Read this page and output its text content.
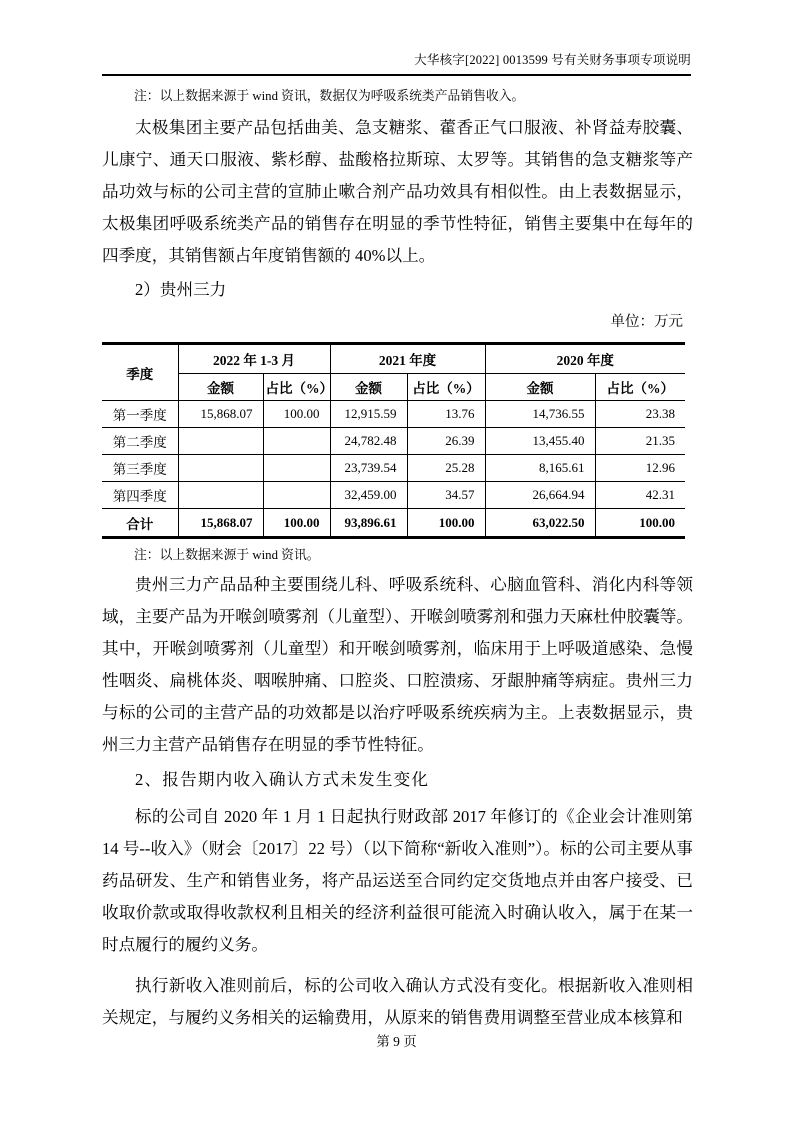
大华核字[2022] 0013599 号有关财务事项专项说明

注：以上数据来源于 wind 资讯，数据仅为呼吸系统类产品销售收入。

太极集团主要产品包括曲美、急支糖浆、藿香正气口服液、补肾益寿胶囊、儿康宁、通天口服液、紫杉醇、盐酸格拉斯琼、太罗等。其销售的急支糖浆等产品功效与标的公司主营的宣肺止嗽合剂产品功效具有相似性。由上表数据显示，太极集团呼吸系统类产品的销售存在明显的季节性特征，销售主要集中在每年的四季度，其销售额占年度销售额的 40%以上。

2）贵州三力

单位：万元
季度	2022 年 1-3 月		2021 年度		2020 年度	
	金额	占比（%）	金额	占比（%）	金额	占比（%）
第一季度	15,868.07	100.00	12,915.59	13.76	14,736.55	23.38
第二季度			24,782.48	26.39	13,455.40	21.35
第三季度			23,739.54	25.28	8,165.61	12.96
第四季度			32,459.00	34.57	26,664.94	42.31
合计	15,868.07	100.00	93,896.61	100.00	63,022.50	100.00

注：以上数据来源于 wind 资讯。

贵州三力产品品种主要围绕儿科、呼吸系统科、心脑血管科、消化内科等领域，主要产品为开喉剑喷雾剂（儿童型）、开喉剑喷雾剂和强力天麻杜仲胶囊等。其中，开喉剑喷雾剂（儿童型）和开喉剑喷雾剂，临床用于上呼吸道感染、急慢性咽炎、扁桃体炎、咽喉肿痛、口腔炎、口腔溃疡、牙龈肿痛等病症。贵州三力与标的公司的主营产品的功效都是以治疗呼吸系统疾病为主。上表数据显示，贵州三力主营产品销售存在明显的季节性特征。

2、报告期内收入确认方式未发生变化

标的公司自 2020 年 1 月 1 日起执行财政部 2017 年修订的《企业会计准则第 14 号--收入》（财会〔2017〕22 号）（以下简称“新收入准则”）。标的公司主要从事药品研发、生产和销售业务，将产品运送至合同约定交货地点并由客户接受、已收取价款或取得收款权利且相关的经济利益很可能流入时确认收入，属于在某一时点履行的履约义务。

执行新收入准则前后，标的公司收入确认方式没有变化。根据新收入准则相关规定，与履约义务相关的运输费用，从原来的销售费用调整至营业成本核算和

第 9 页
